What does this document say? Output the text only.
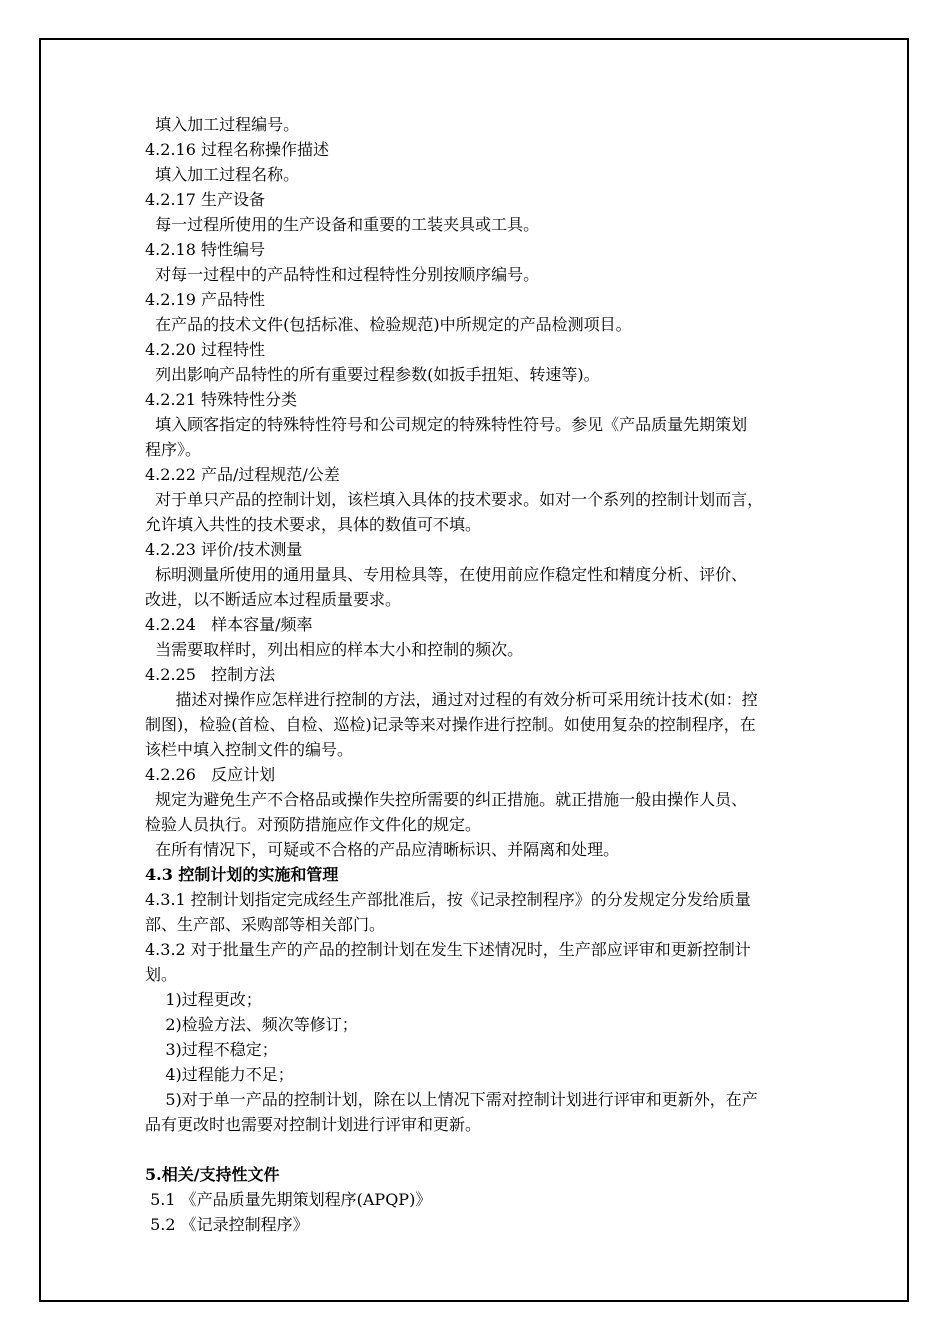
填入加工过程编号。
4.2.16 过程名称操作描述
填入加工过程名称。
4.2.17 生产设备
每一过程所使用的生产设备和重要的工装夹具或工具。
4.2.18 特性编号
对每一过程中的产品特性和过程特性分别按顺序编号。
4.2.19 产品特性
在产品的技术文件(包括标准、检验规范)中所规定的产品检测项目。
4.2.20 过程特性
列出影响产品特性的所有重要过程参数(如扳手扭矩、转速等)。
4.2.21 特殊特性分类
填入顾客指定的特殊特性符号和公司规定的特殊特性符号。参见《产品质量先期策划
程序》。
4.2.22 产品/过程规范/公差
对于单只产品的控制计划，该栏填入具体的技术要求。如对一个系列的控制计划而言，
允许填入共性的技术要求，具体的数值可不填。
4.2.23 评价/技术测量
标明测量所使用的通用量具、专用检具等，在使用前应作稳定性和精度分析、评价、
改进，以不断适应本过程质量要求。
4.2.24   样本容量/频率
当需要取样时，列出相应的样本大小和控制的频次。
4.2.25   控制方法
描述对操作应怎样进行控制的方法，通过对过程的有效分析可采用统计技术(如：控
制图)，检验(首检、自检、巡检)记录等来对操作进行控制。如使用复杂的控制程序，在
该栏中填入控制文件的编号。
4.2.26   反应计划
规定为避免生产不合格品或操作失控所需要的纠正措施。就正措施一般由操作人员、
检验人员执行。对预防措施应作文件化的规定。
在所有情况下，可疑或不合格的产品应清晰标识、并隔离和处理。
4.3 控制计划的实施和管理
4.3.1 控制计划指定完成经生产部批准后，按《记录控制程序》的分发规定分发给质量
部、生产部、采购部等相关部门。
4.3.2 对于批量生产的产品的控制计划在发生下述情况时，生产部应评审和更新控制计
划。
1)过程更改；
2)检验方法、频次等修订；
3)过程不稳定；
4)过程能力不足；
5)对于单一产品的控制计划，除在以上情况下需对控制计划进行评审和更新外，在产
品有更改时也需要对控制计划进行评审和更新。
5.相关/支持性文件
5.1 《产品质量先期策划程序(APQP)》
5.2 《记录控制程序》
